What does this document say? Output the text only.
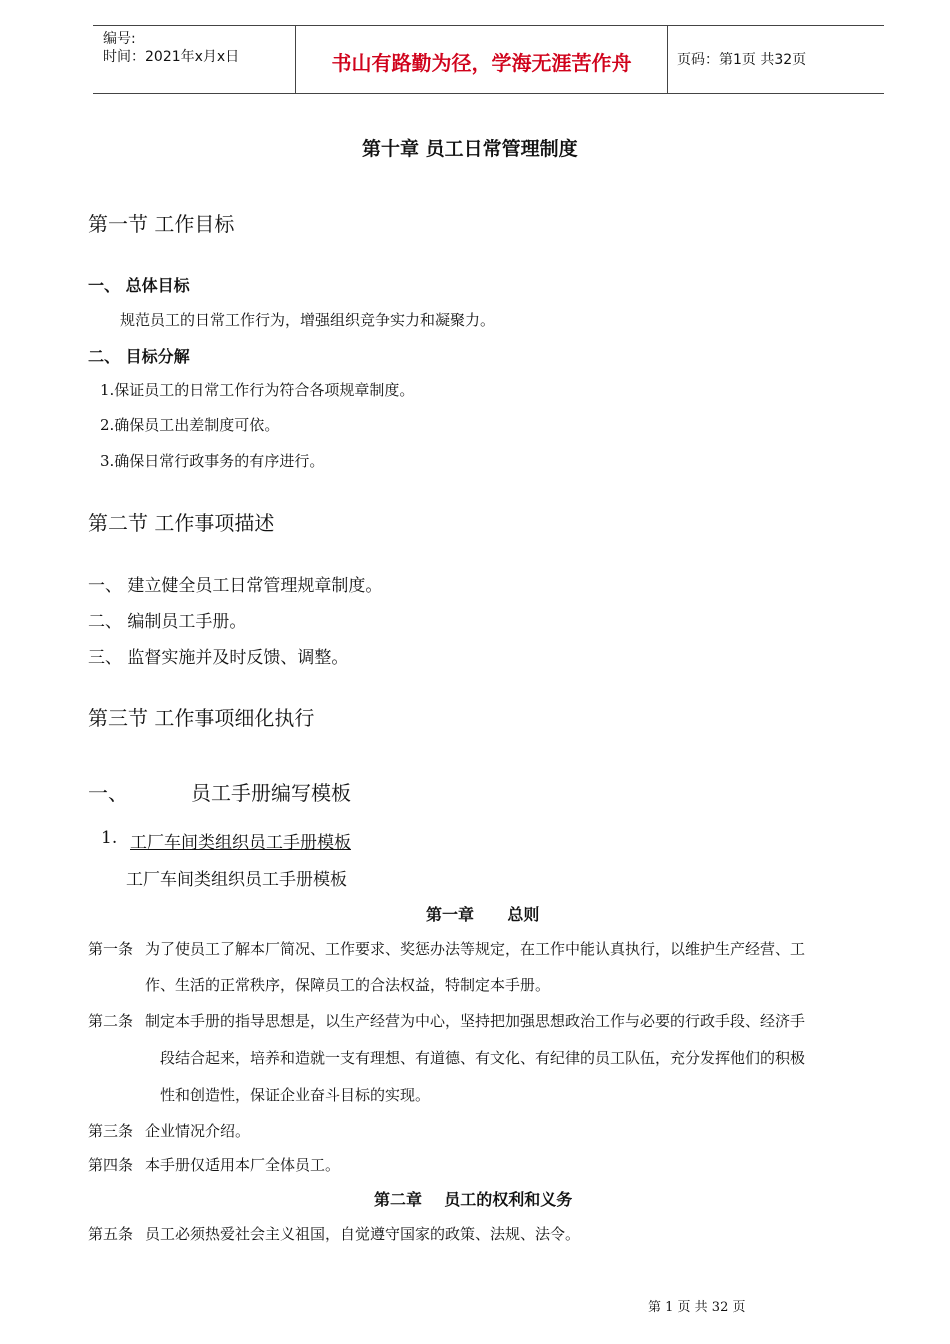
编号:
时间：2021年x月x日	书山有路勤为径，学海无涯苦作舟	页码：第1页 共32页
第十章 员工日常管理制度
第一节 工作目标
一、 总体目标
规范员工的日常工作行为，增强组织竞争实力和凝聚力。
二、 目标分解
1.保证员工的日常工作行为符合各项规章制度。
2.确保员工出差制度可依。
3.确保日常行政事务的有序进行。
第二节 工作事项描述
一、 建立健全员工日常管理规章制度。
二、 编制员工手册。
三、 监督实施并及时反馈、调整。
第三节 工作事项细化执行
一、	员工手册编写模板
1. 工厂车间类组织员工手册模板
工厂车间类组织员工手册模板
第一章      总则
第一条 为了使员工了解本厂简况、工作要求、奖惩办法等规定，在工作中能认真执行，以维护生产经营、工
作、生活的正常秩序，保障员工的合法权益，特制定本手册。
第二条 制定本手册的指导思想是，以生产经营为中心，坚持把加强思想政治工作与必要的行政手段、经济手
段结合起来，培养和造就一支有理想、有道德、有文化、有纪律的员工队伍，充分发挥他们的积极
性和创造性，保证企业奋斗目标的实现。
第三条 企业情况介绍。
第四条 本手册仅适用本厂全体员工。
第二章    员工的权利和义务
第五条 员工必须热爱社会主义祖国，自觉遵守国家的政策、法规、法令。
第 1 页 共 32 页
